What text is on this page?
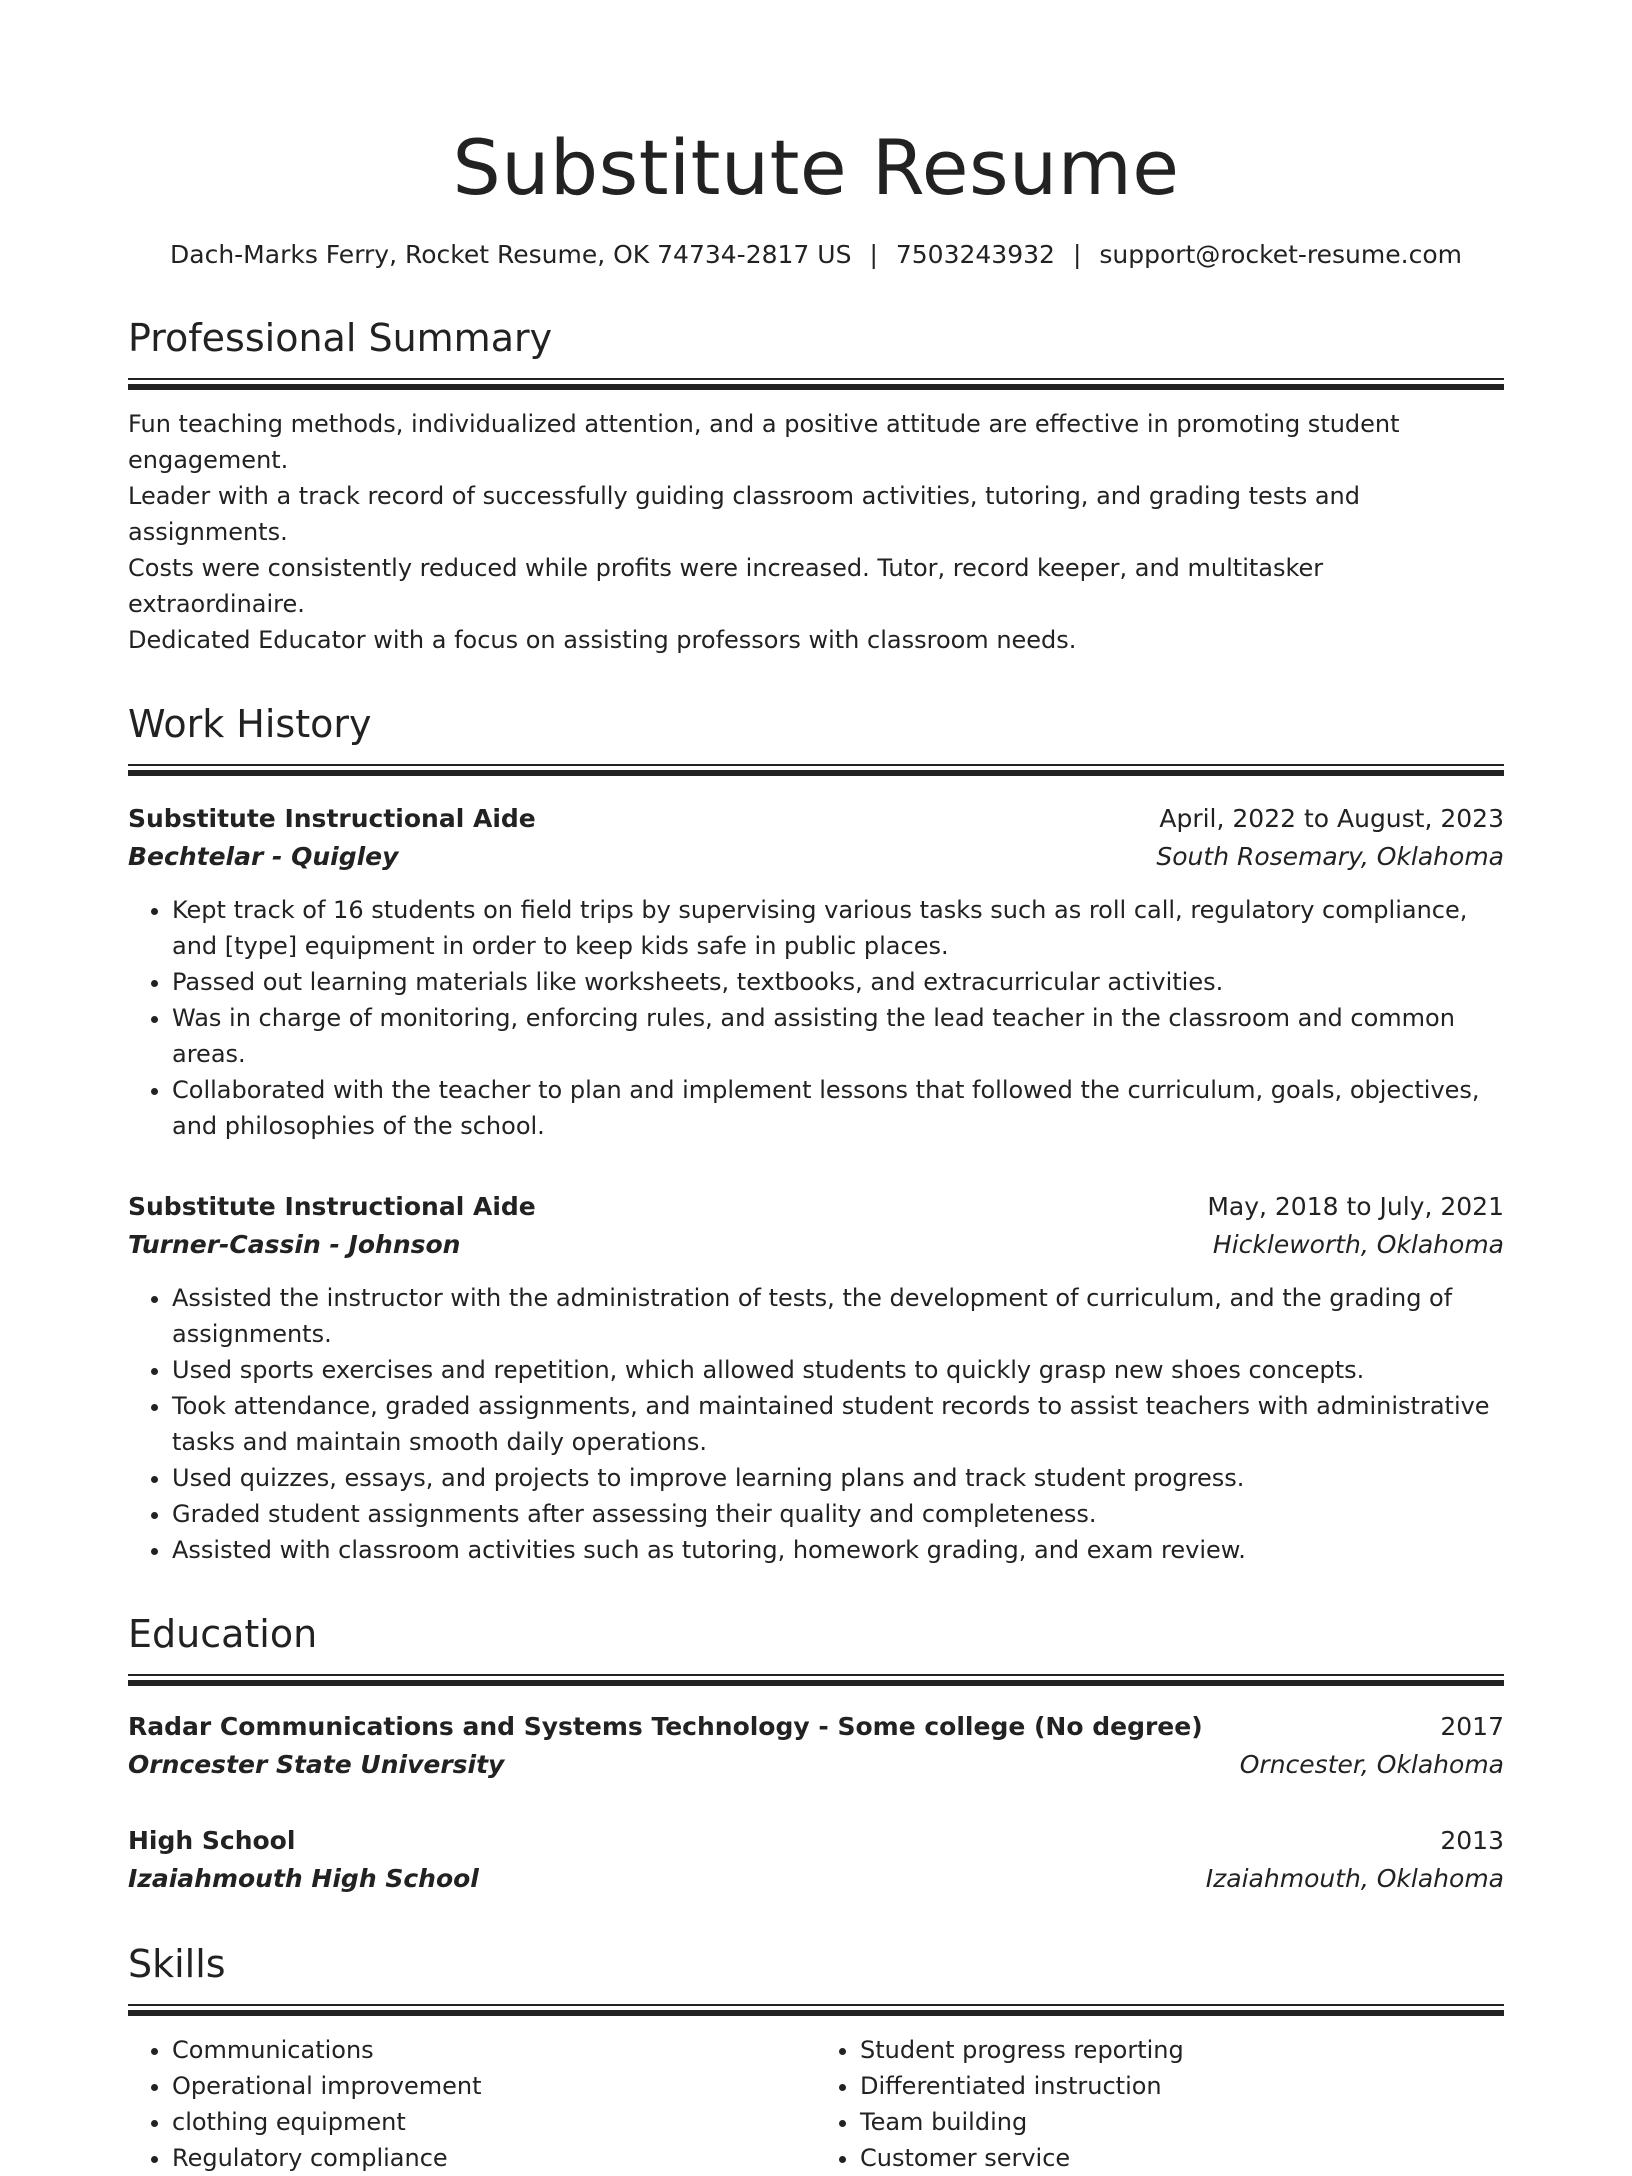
Substitute Resume
Dach-Marks Ferry, Rocket Resume, OK 74734-2817 US | 7503243932 | support@rocket-resume.com
Professional Summary
Fun teaching methods, individualized attention, and a positive attitude are effective in promoting student engagement.
Leader with a track record of successfully guiding classroom activities, tutoring, and grading tests and assignments.
Costs were consistently reduced while profits were increased. Tutor, record keeper, and multitasker extraordinaire.
Dedicated Educator with a focus on assisting professors with classroom needs.
Work History
Substitute Instructional Aide	April, 2022 to August, 2023
Bechtelar - Quigley	South Rosemary, Oklahoma
• Kept track of 16 students on field trips by supervising various tasks such as roll call, regulatory compliance, and [type] equipment in order to keep kids safe in public places.
• Passed out learning materials like worksheets, textbooks, and extracurricular activities.
• Was in charge of monitoring, enforcing rules, and assisting the lead teacher in the classroom and common areas.
• Collaborated with the teacher to plan and implement lessons that followed the curriculum, goals, objectives, and philosophies of the school.
Substitute Instructional Aide	May, 2018 to July, 2021
Turner-Cassin - Johnson	Hickleworth, Oklahoma
• Assisted the instructor with the administration of tests, the development of curriculum, and the grading of assignments.
• Used sports exercises and repetition, which allowed students to quickly grasp new shoes concepts.
• Took attendance, graded assignments, and maintained student records to assist teachers with administrative tasks and maintain smooth daily operations.
• Used quizzes, essays, and projects to improve learning plans and track student progress.
• Graded student assignments after assessing their quality and completeness.
• Assisted with classroom activities such as tutoring, homework grading, and exam review.
Education
Radar Communications and Systems Technology - Some college (No degree)	2017
Orncester State University	Orncester, Oklahoma
High School	2013
Izaiahmouth High School	Izaiahmouth, Oklahoma
Skills
• Communications
• Operational improvement
• clothing equipment
• Regulatory compliance
• Student progress reporting
• Differentiated instruction
• Team building
• Customer service
